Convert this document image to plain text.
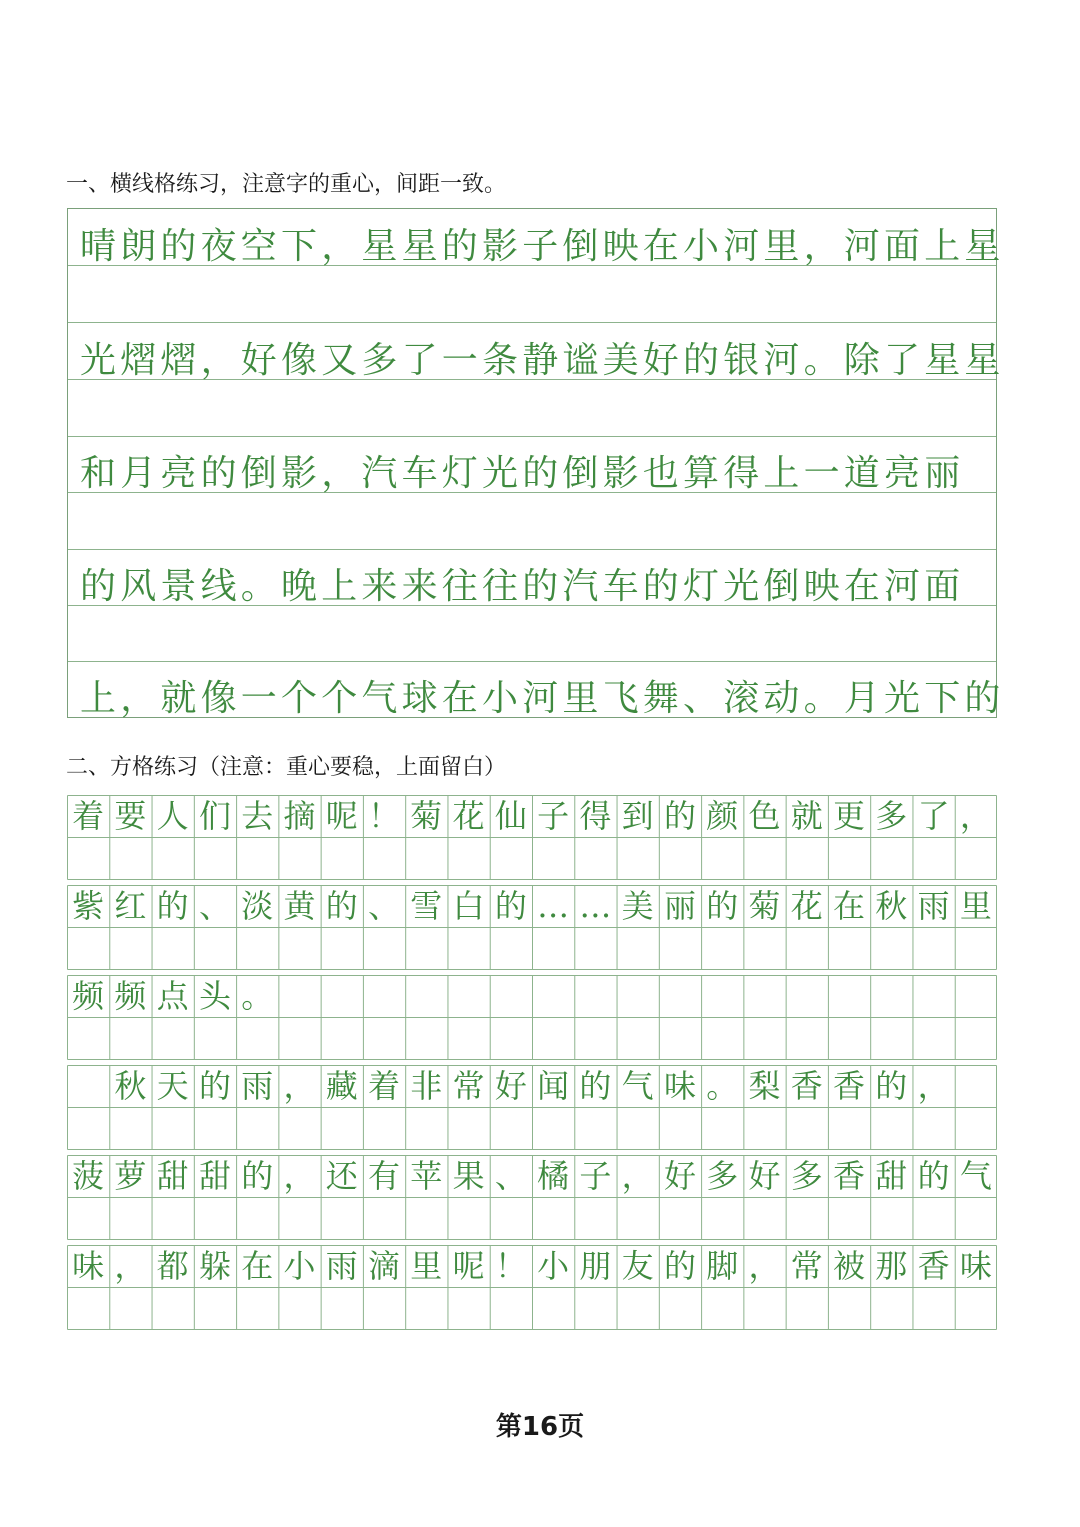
一、横线格练习，注意字的重心，间距一致。
晴朗的夜空下，星星的影子倒映在小河里，河面上星
光熠熠，好像又多了一条静谧美好的银河。除了星星
和月亮的倒影，汽车灯光的倒影也算得上一道亮丽
的风景线。晚上来来往往的汽车的灯光倒映在河面
上，就像一个个气球在小河里飞舞、滚动。月光下的
二、方格练习（注意：重心要稳，上面留白）
着 要 人 们 去 摘 呢 ！ 菊 花 仙 子 得 到 的 颜 色 就 更 多 了 ，
紫 红 的 、 淡 黄 的 、 雪 白 的 … … 美 丽 的 菊 花 在 秋 雨 里
频 频 点 头 。

秋 天 的 雨 ， 藏 着 非 常 好 闻 的 气 味 。 梨 香 香 的 ，
菠 萝 甜 甜 的 ， 还 有 苹 果 、 橘 子 ， 好 多 好 多 香 甜 的 气
味 ， 都 躲 在 小 雨 滴 里 呢 ！ 小 朋 友 的 脚 ， 常 被 那 香 味
第16页
